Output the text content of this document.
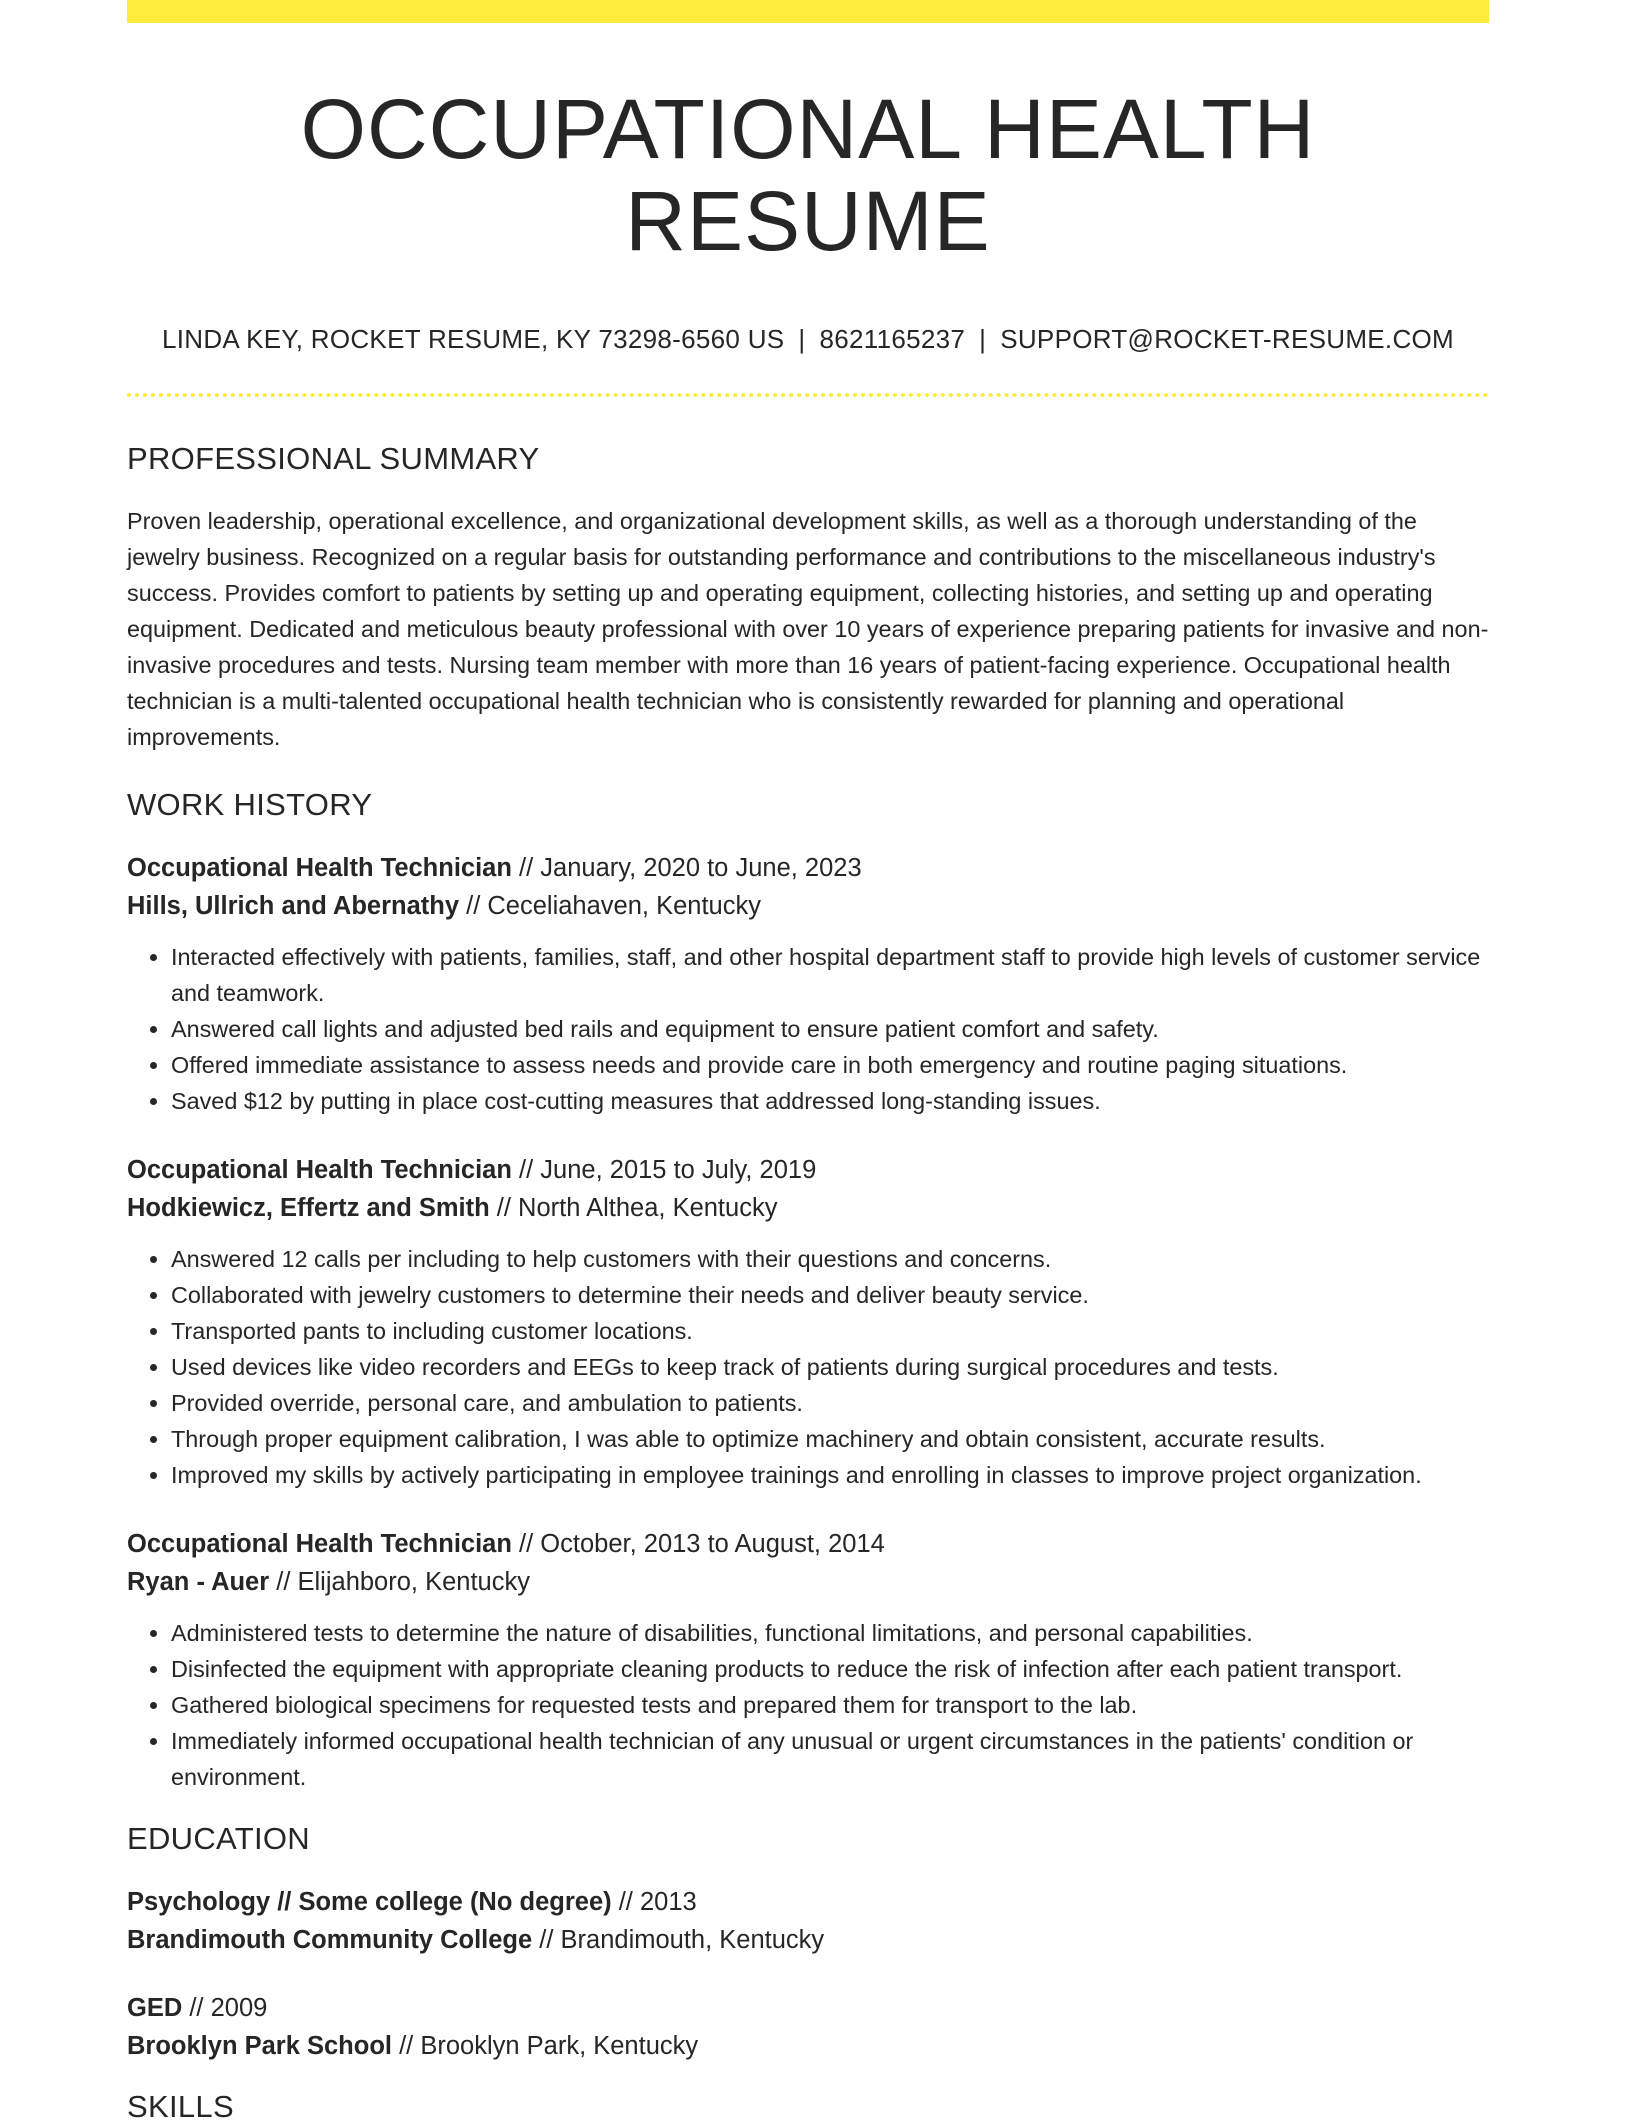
OCCUPATIONAL HEALTH RESUME
LINDA KEY, ROCKET RESUME, KY 73298-6560 US | 8621165237 | SUPPORT@ROCKET-RESUME.COM
PROFESSIONAL SUMMARY

Proven leadership, operational excellence, and organizational development skills, as well as a thorough understanding of the jewelry business. Recognized on a regular basis for outstanding performance and contributions to the miscellaneous industry's success. Provides comfort to patients by setting up and operating equipment, collecting histories, and setting up and operating equipment. Dedicated and meticulous beauty professional with over 10 years of experience preparing patients for invasive and non-invasive procedures and tests. Nursing team member with more than 16 years of patient-facing experience. Occupational health technician is a multi-talented occupational health technician who is consistently rewarded for planning and operational improvements.

WORK HISTORY
Occupational Health Technician // January, 2020 to June, 2023
Hills, Ullrich and Abernathy // Ceceliahaven, Kentucky
• Interacted effectively with patients, families, staff, and other hospital department staff to provide high levels of customer service and teamwork.
• Answered call lights and adjusted bed rails and equipment to ensure patient comfort and safety.
• Offered immediate assistance to assess needs and provide care in both emergency and routine paging situations.
• Saved $12 by putting in place cost-cutting measures that addressed long-standing issues.
Occupational Health Technician // June, 2015 to July, 2019
Hodkiewicz, Effertz and Smith // North Althea, Kentucky
• Answered 12 calls per including to help customers with their questions and concerns.
• Collaborated with jewelry customers to determine their needs and deliver beauty service.
• Transported pants to including customer locations.
• Used devices like video recorders and EEGs to keep track of patients during surgical procedures and tests.
• Provided override, personal care, and ambulation to patients.
• Through proper equipment calibration, I was able to optimize machinery and obtain consistent, accurate results.
• Improved my skills by actively participating in employee trainings and enrolling in classes to improve project organization.
Occupational Health Technician // October, 2013 to August, 2014
Ryan - Auer // Elijahboro, Kentucky
• Administered tests to determine the nature of disabilities, functional limitations, and personal capabilities.
• Disinfected the equipment with appropriate cleaning products to reduce the risk of infection after each patient transport.
• Gathered biological specimens for requested tests and prepared them for transport to the lab.
• Immediately informed occupational health technician of any unusual or urgent circumstances in the patients' condition or environment.
EDUCATION
Psychology // Some college (No degree) // 2013
Brandimouth Community College // Brandimouth, Kentucky
GED // 2009
Brooklyn Park School // Brooklyn Park, Kentucky
SKILLS
